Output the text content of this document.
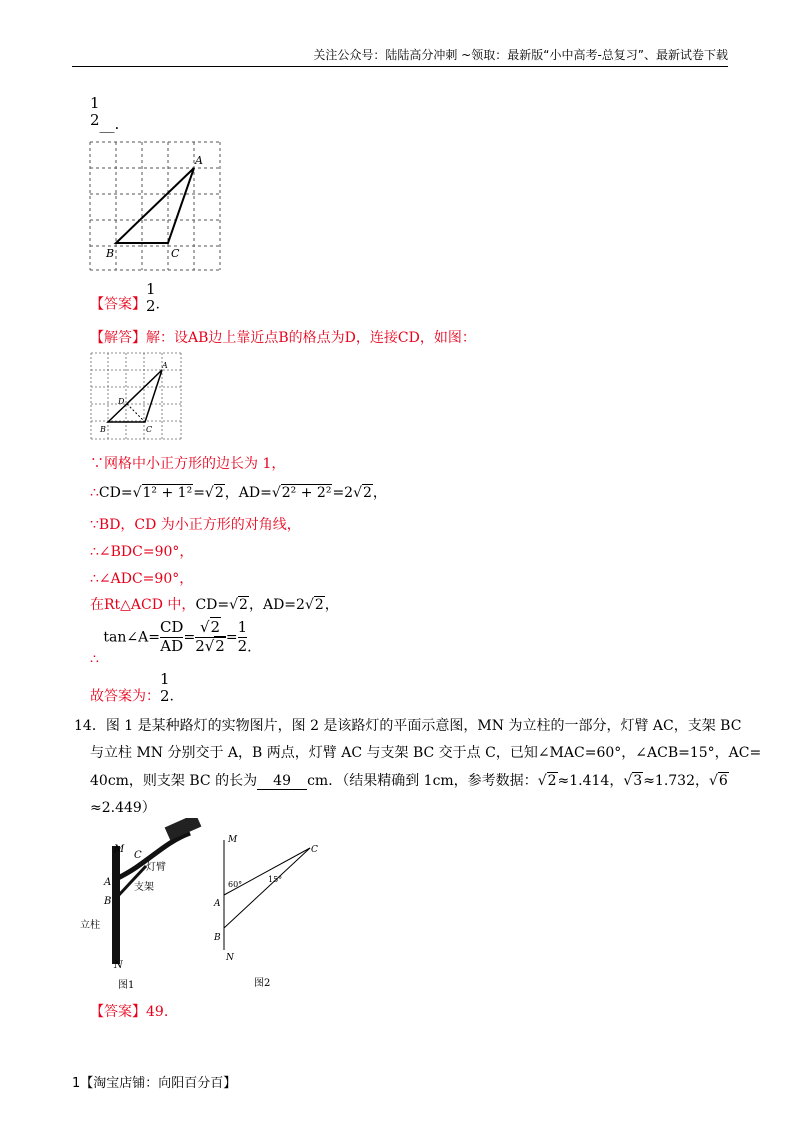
关注公众号：陆陆高分冲刺 ~领取：最新版“小中高考-总复习”、最新试卷下载
1
2 __.
A
B	C
【答案】
1
2 .
【解答】解：设AB边上靠近点B的格点为D，连接CD，如图：
A
B	C
D
∵网格中小正方形的边长为 1，
∴CD=√1² + 1²=√2，AD=√2² + 2²=2√2，
∵BD，CD 为小正方形的对角线，
∴∠BDC=90°，
∴∠ADC=90°，
在Rt△ACD 中，CD=√2，AD=2√2，
∴ tan∠A= $\frac{CD}{AD} = \frac{√2}{2√2} = \frac{1}{2}$ .
故答案为：
1
2 .
14．图 1 是某种路灯的实物图片，图 2 是该路灯的平面示意图，MN 为立柱的一部分，灯臂 AC，支架 BC
与立柱 MN 分别交于 A，B 两点，灯臂 AC 与支架 BC 交于点 C，已知∠MAC=60°，∠ACB=15°，AC=
40cm，则支架 BC 的长为 49 cm．（结果精确到 1cm，参考数据：√2≈1.414，√3≈1.732，√6
≈2.449）
M
C
灯臂
A 支架
B
立柱
N
图1
M
C
60°
15°
A
B
N
图2
【答案】49.
1【淘宝店铺：向阳百分百】
